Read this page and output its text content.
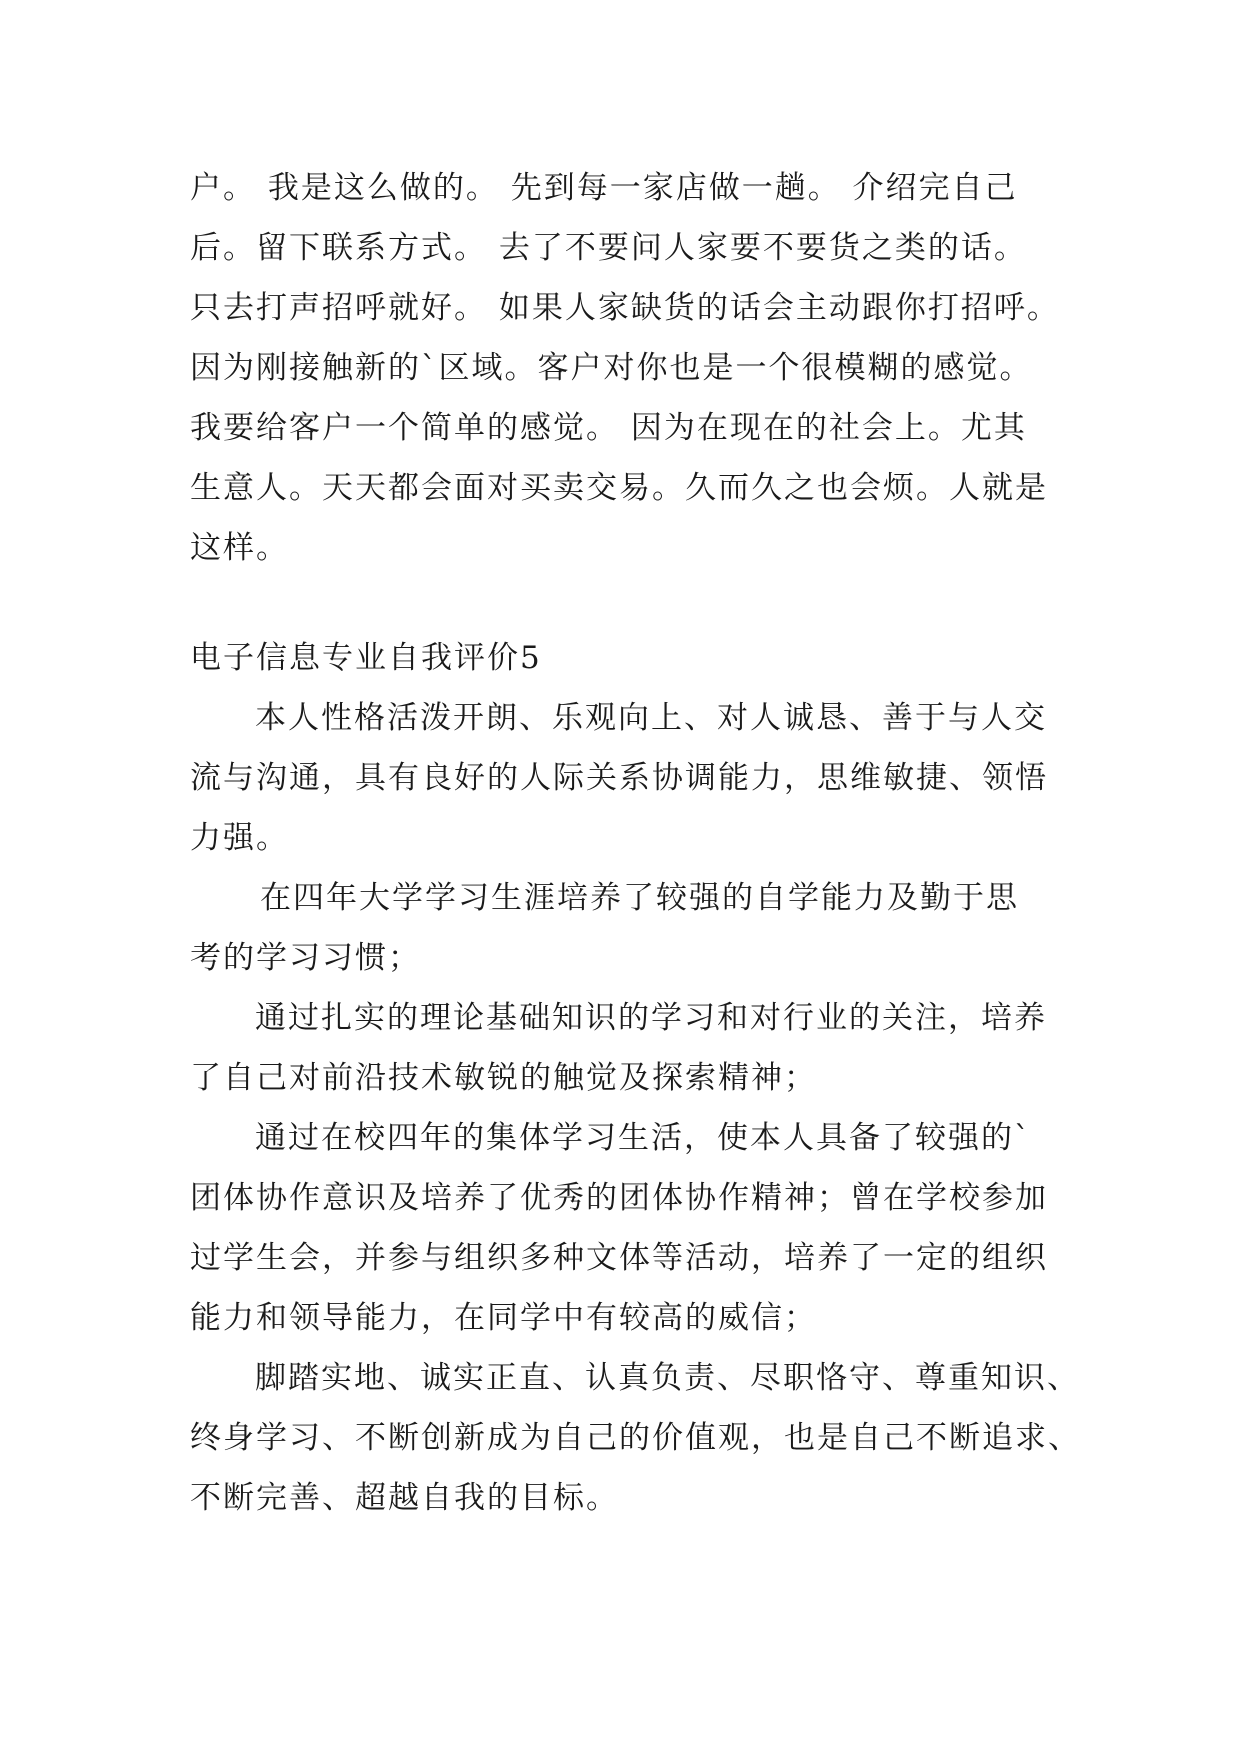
户。 我是这么做的。 先到每一家店做一趟。 介绍完自己
后。留下联系方式。 去了不要问人家要不要货之类的话。
只去打声招呼就好。 如果人家缺货的话会主动跟你打招呼。
因为刚接触新的`区域。客户对你也是一个很模糊的感觉。
我要给客户一个简单的感觉。 因为在现在的社会上。尤其
生意人。天天都会面对买卖交易。久而久之也会烦。人就是
这样。
电子信息专业自我评价5
本人性格活泼开朗、乐观向上、对人诚恳、善于与人交
流与沟通，具有良好的人际关系协调能力，思维敏捷、领悟
力强。
在四年大学学习生涯培养了较强的自学能力及勤于思
考的学习习惯；
通过扎实的理论基础知识的学习和对行业的关注，培养
了自己对前沿技术敏锐的触觉及探索精神；
通过在校四年的集体学习生活，使本人具备了较强的`
团体协作意识及培养了优秀的团体协作精神；曾在学校参加
过学生会，并参与组织多种文体等活动，培养了一定的组织
能力和领导能力，在同学中有较高的威信；
脚踏实地、诚实正直、认真负责、尽职恪守、尊重知识、
终身学习、不断创新成为自己的价值观，也是自己不断追求、
不断完善、超越自我的目标。
